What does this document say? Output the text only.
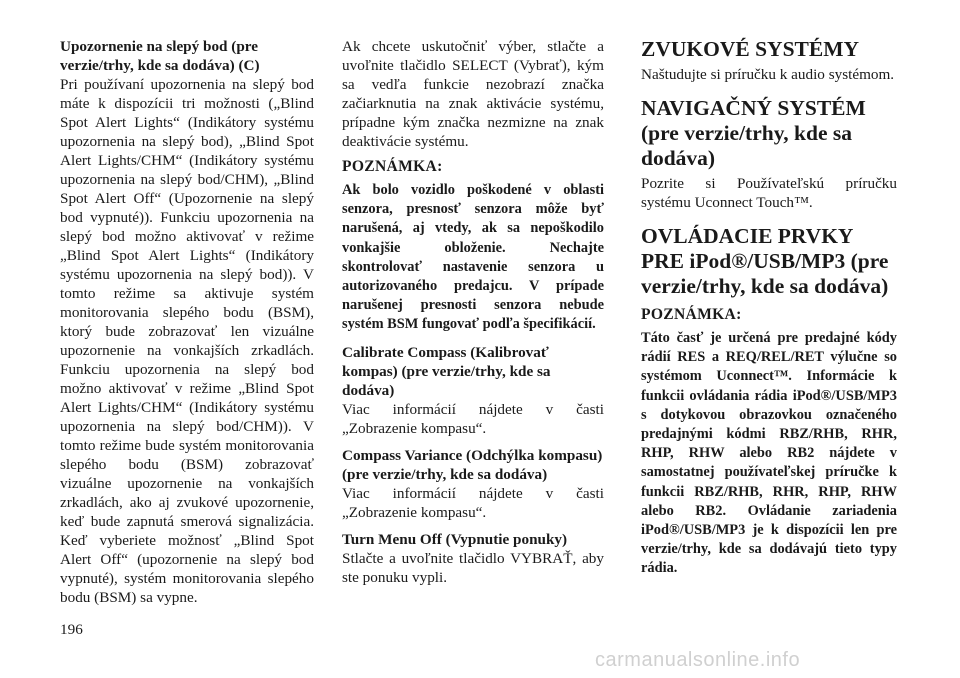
Upozornenie na slepý bod (pre verzie/trhy, kde sa dodáva) (C)

Pri používaní upozornenia na slepý bod máte k dispozícii tri možnosti („Blind Spot Alert Lights“ (Indikátory systému upozornenia na slepý bod), „Blind Spot Alert Lights/CHM“ (Indikátory systému upozornenia na slepý bod/CHM), „Blind Spot Alert Off“ (Upozornenie na slepý bod vypnuté)). Funkciu upozornenia na slepý bod možno aktivovať v režime „Blind Spot Alert Lights“ (Indikátory systému upozornenia na slepý bod)). V tomto režime sa aktivuje systém monitorovania slepého bodu (BSM), ktorý bude zobrazovať len vizuálne upozornenie na vonkajších zrkadlách. Funkciu upozornenia na slepý bod možno aktivovať v režime „Blind Spot Alert Lights/CHM“ (Indikátory systému upozornenia na slepý bod/CHM)). V tomto režime bude systém monitorovania slepého bodu (BSM) zobrazovať vizuálne upozornenie na vonkajších zrkadlách, ako aj zvukové upozornenie, keď bude zapnutá smerová signalizácia. Keď vyberiete možnosť „Blind Spot Alert Off“ (upozornenie na slepý bod vypnuté), systém monitorovania slepého bodu (BSM) sa vypne.

Ak chcete uskutočniť výber, stlačte a uvoľnite tlačidlo SELECT (Vybrať), kým sa vedľa funkcie nezobrazí značka začiarknutia na znak aktivácie systému, prípadne kým značka nezmizne na znak deaktivácie systému.

POZNÁMKA:

Ak bolo vozidlo poškodené v oblasti senzora, presnosť senzora môže byť narušená, aj vtedy, ak sa nepoškodilo vonkajšie obloženie. Nechajte skontrolovať nastavenie senzora u autorizovaného predajcu. V prípade narušenej presnosti senzora nebude systém BSM fungovať podľa špecifikácií.

Calibrate Compass (Kalibrovať kompas) (pre verzie/trhy, kde sa dodáva)

Viac informácií nájdete v časti „Zobrazenie kompasu“.

Compass Variance (Odchýlka kompasu) (pre verzie/trhy, kde sa dodáva)

Viac informácií nájdete v časti „Zobrazenie kompasu“.

Turn Menu Off (Vypnutie ponuky)

Stlačte a uvoľnite tlačidlo VYBRAŤ, aby ste ponuku vypli.

ZVUKOVÉ SYSTÉMY

Naštudujte si príručku k audio systémom.

NAVIGAČNÝ SYSTÉM (pre verzie/trhy, kde sa dodáva)

Pozrite si Používateľskú príručku systému Uconnect Touch™.

OVLÁDACIE PRVKY PRE iPod®/USB/MP3 (pre verzie/trhy, kde sa dodáva)
POZNÁMKA:

Táto časť je určená pre predajné kódy rádií RES a REQ/REL/RET výlučne so systémom Uconnect™. Informácie k funkcii ovládania rádia iPod®/USB/MP3 s dotykovou obrazovkou označeného predajnými kódmi RBZ/RHB, RHR, RHP, RHW alebo RB2 nájdete v samostatnej používateľskej príručke k funkcii RBZ/RHB, RHR, RHP, RHW alebo RB2. Ovládanie zariadenia iPod®/USB/MP3 je k dispozícii len pre verzie/trhy, kde sa dodávajú tieto typy rádia.

196
carmanualsonline.info
